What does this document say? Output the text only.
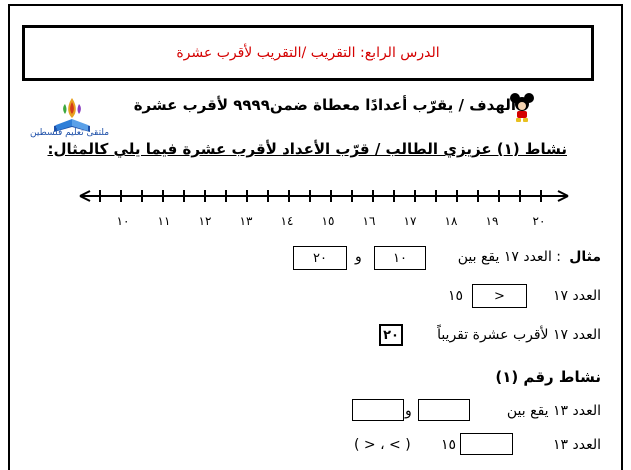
الدرس الرابع: التقريب /التقريب لأقرب عشرة
ملتقى تعليم فلسطين
الهدف / يقرّب أعدادًا معطاة ضمن٩٩٩٩ لأقرب عشرة
نشاط (١) عزيزي الطالب / قرّب الأعداد لأقرب عشرة فيما يلي كالمثال:
١٠	١١	١٢	١٣	١٤	١٥	١٦	١٧	١٨	١٩	٢٠
مثال
: العدد ١٧ يقع بين
١٠
و
٢٠
العدد ١٧
>
١٥
العدد ١٧ لأقرب عشرة تقريباً
٢٠
نشاط رقم (١)
العدد ١٣ يقع بين
و
العدد ١٣
١٥
( > ، < )
